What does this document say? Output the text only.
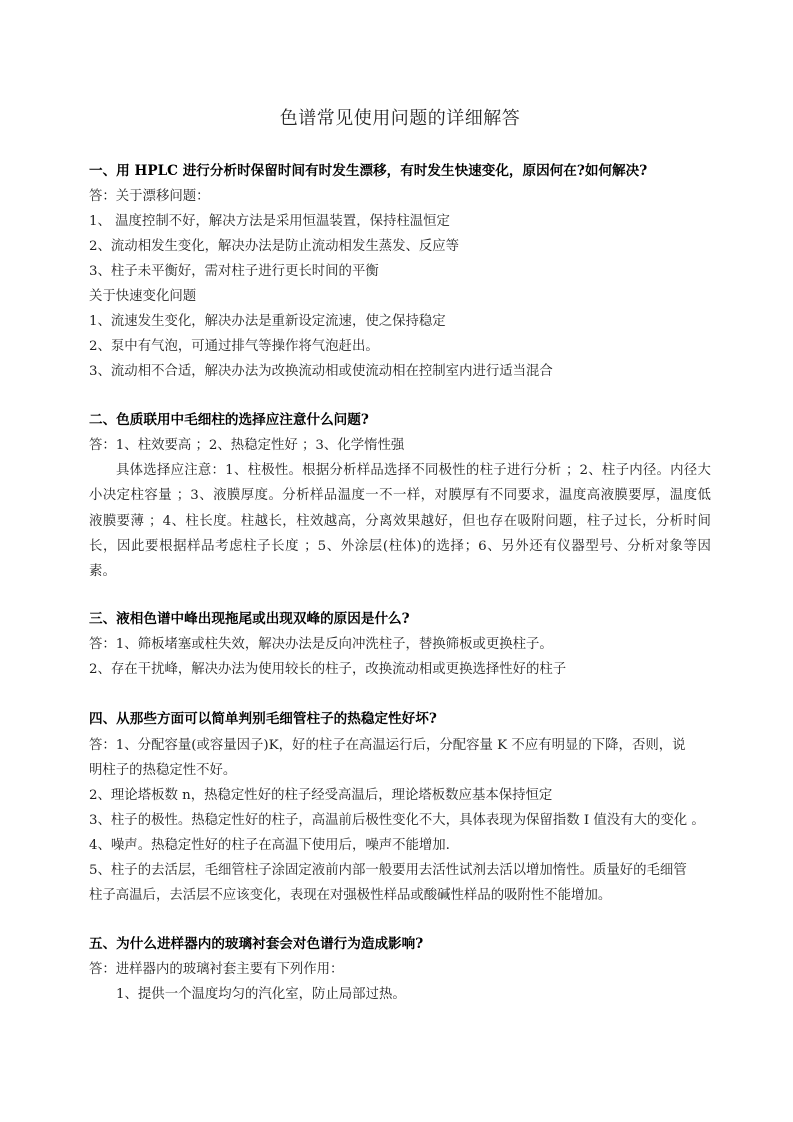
色谱常见使用问题的详细解答
一、用 HPLC 进行分析时保留时间有时发生漂移，有时发生快速变化，原因何在?如何解决?
答：关于漂移问题：
1、 温度控制不好，解决方法是采用恒温装置，保持柱温恒定
2、流动相发生变化，解决办法是防止流动相发生蒸发、反应等
3、柱子未平衡好，需对柱子进行更长时间的平衡
关于快速变化问题
1、流速发生变化，解决办法是重新设定流速，使之保持稳定
2、泵中有气泡，可通过排气等操作将气泡赶出。
3、流动相不合适，解决办法为改换流动相或使流动相在控制室内进行适当混合
二、色质联用中毛细柱的选择应注意什么问题?
答：1、柱效要高 ；2、热稳定性好 ；3、化学惰性强
具体选择应注意：1、柱极性。根据分析样品选择不同极性的柱子进行分析 ；2、柱子内径。内径大小决定柱容量 ；3、液膜厚度。分析样品温度一不一样，对膜厚有不同要求，温度高液膜要厚，温度低液膜要薄 ；4、柱长度。柱越长，柱效越高，分离效果越好，但也存在吸附问题，柱子过长，分析时间长，因此要根据样品考虑柱子长度 ；5、外涂层(柱体)的选择；6、另外还有仪器型号、分析对象等因素。
三、液相色谱中峰出现拖尾或出现双峰的原因是什么?
答：1、筛板堵塞或柱失效，解决办法是反向冲洗柱子，替换筛板或更换柱子。
2、存在干扰峰，解决办法为使用较长的柱子，改换流动相或更换选择性好的柱子
四、从那些方面可以简单判别毛细管柱子的热稳定性好坏?
答：1、分配容量(或容量因子)K，好的柱子在高温运行后，分配容量 K 不应有明显的下降，否则，说
明柱子的热稳定性不好。
2、理论塔板数 n，热稳定性好的柱子经受高温后，理论塔板数应基本保持恒定
3、柱子的极性。热稳定性好的柱子，高温前后极性变化不大，具体表现为保留指数 I 值没有大的变化 。
4、噪声。热稳定性好的柱子在高温下使用后，噪声不能增加.
5、柱子的去活层，毛细管柱子涂固定液前内部一般要用去活性试剂去活以增加惰性。质量好的毛细管
柱子高温后，去活层不应该变化，表现在对强极性样品或酸碱性样品的吸附性不能增加。
五、为什么进样器内的玻璃衬套会对色谱行为造成影响?
答：进样器内的玻璃衬套主要有下列作用：
1、提供一个温度均匀的汽化室，防止局部过热。
